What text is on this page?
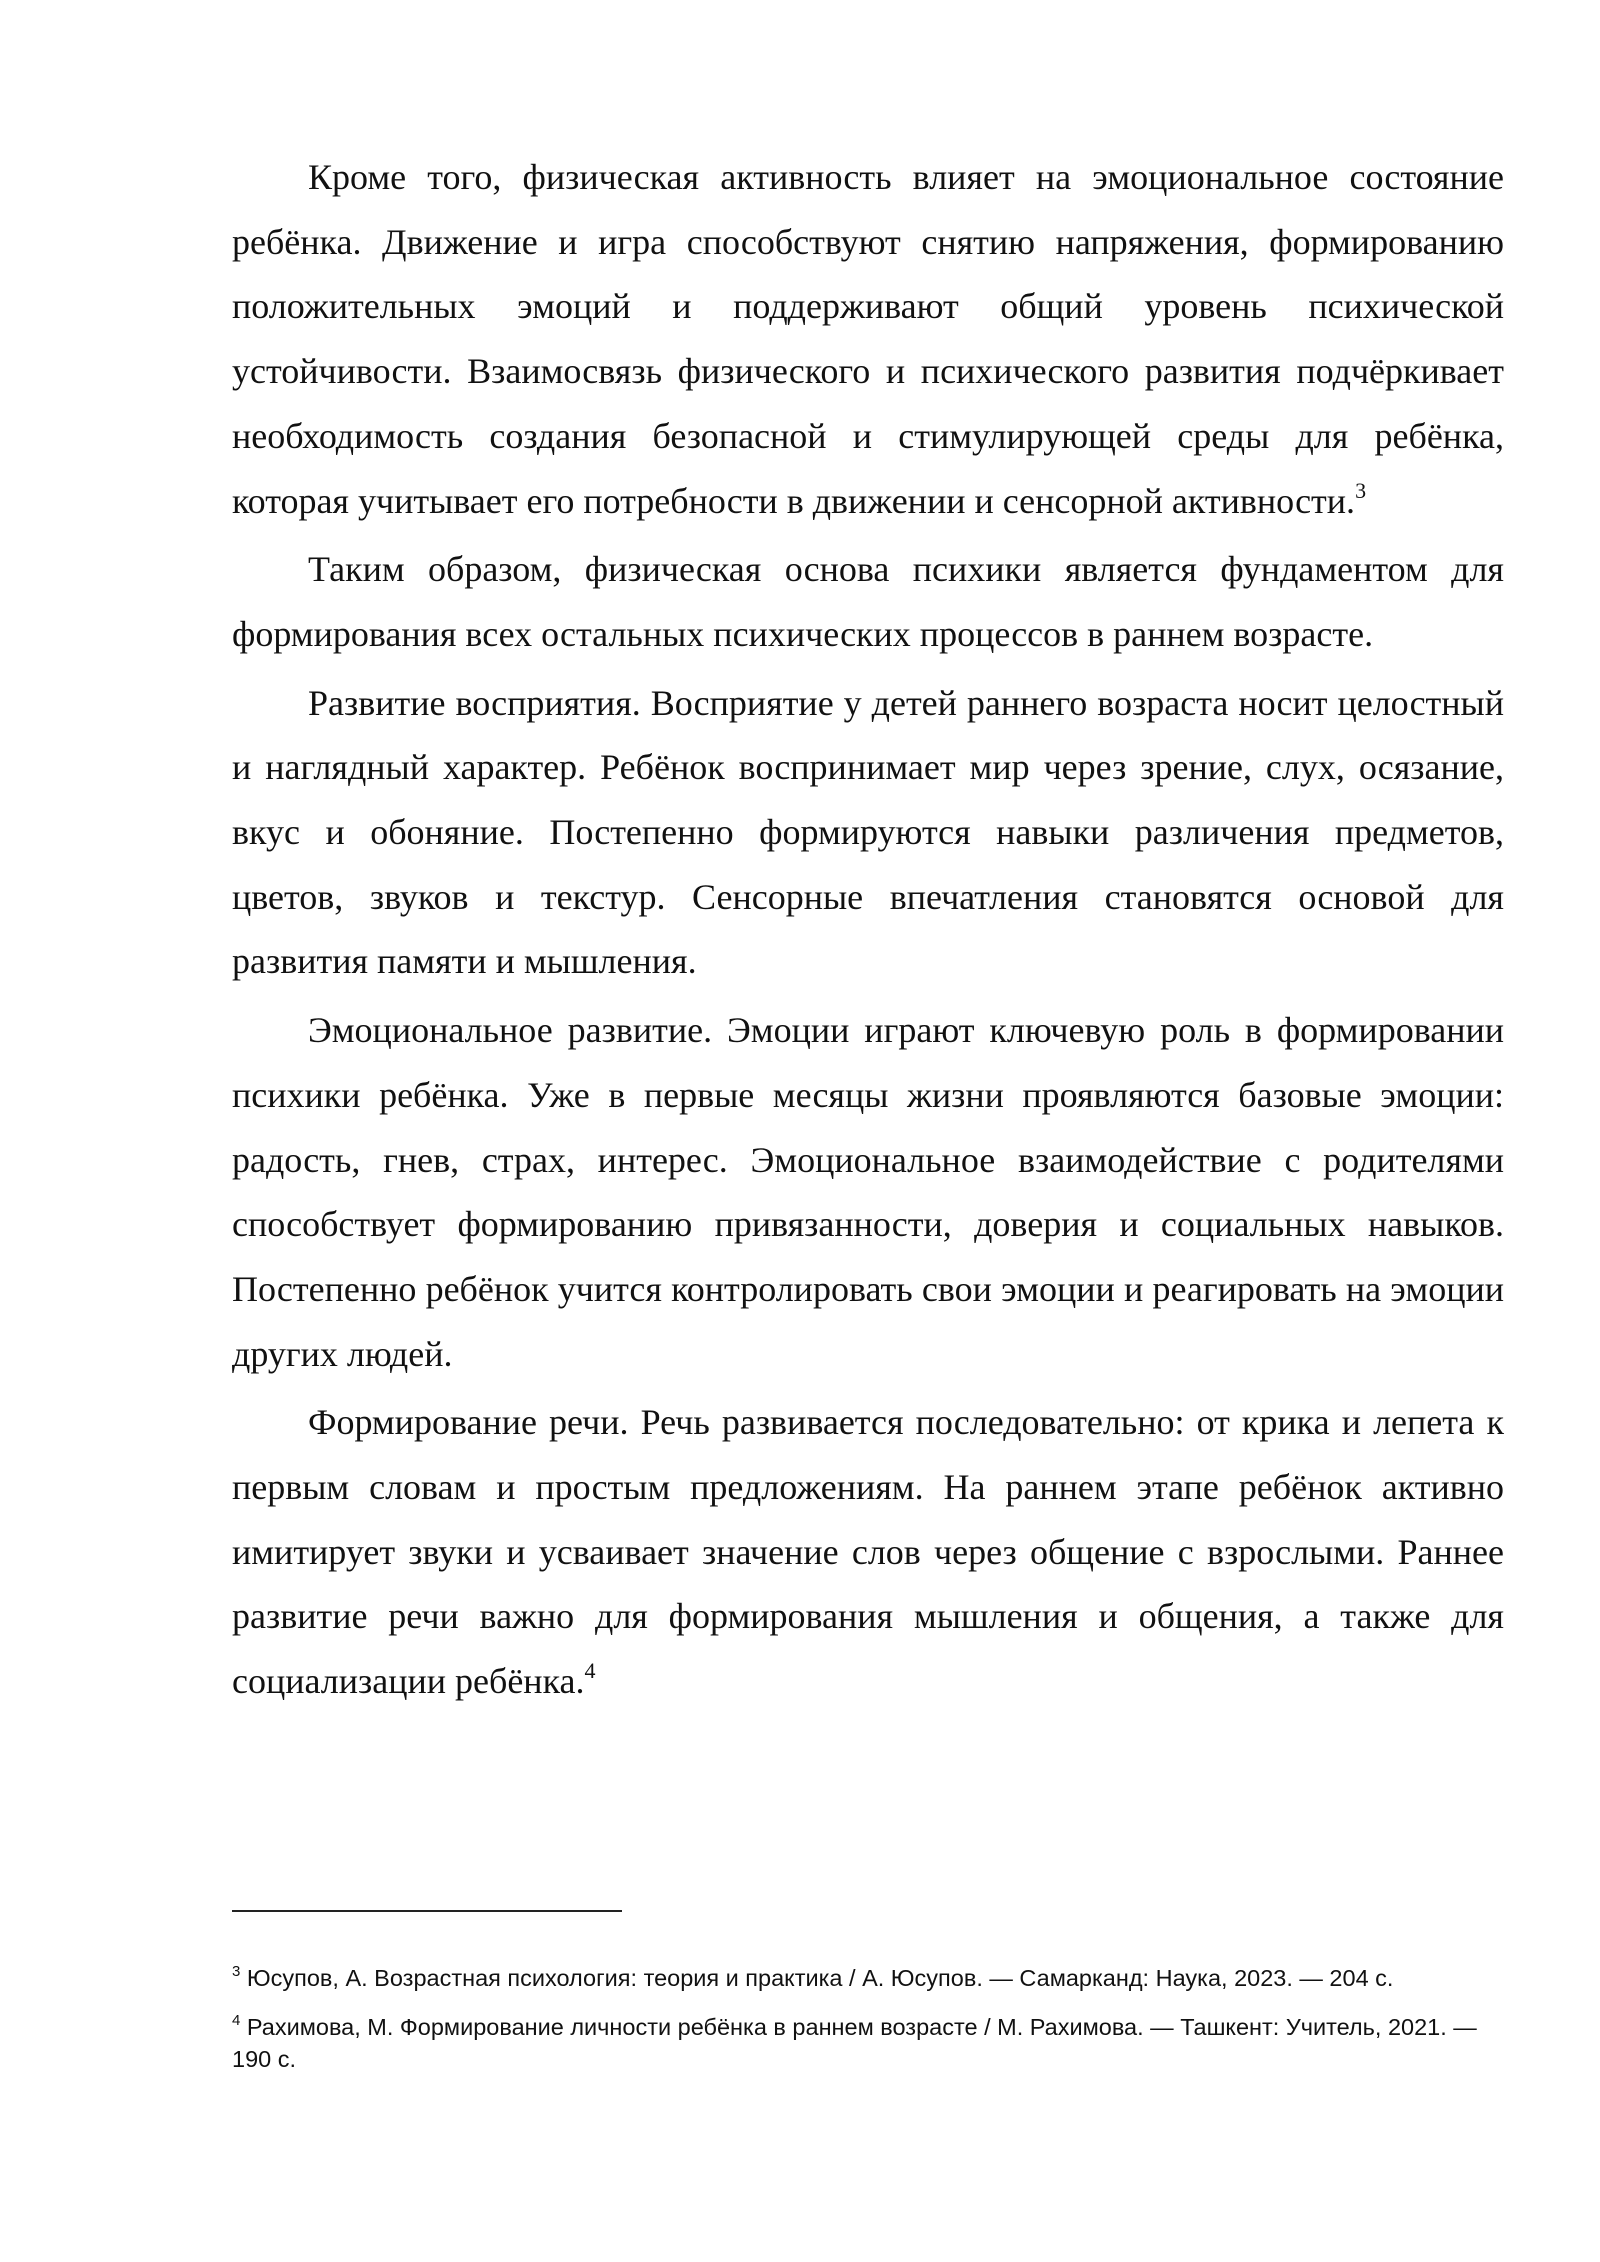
Кроме того, физическая активность влияет на эмоциональное состояние ребёнка. Движение и игра способствуют снятию напряжения, формированию положительных эмоций и поддерживают общий уровень психической устойчивости. Взаимосвязь физического и психического развития подчёркивает необходимость создания безопасной и стимулирующей среды для ребёнка, которая учитывает его потребности в движении и сенсорной активности.$^3$

Таким образом, физическая основа психики является фундаментом для формирования всех остальных психических процессов в раннем возрасте.

Развитие восприятия. Восприятие у детей раннего возраста носит целостный и наглядный характер. Ребёнок воспринимает мир через зрение, слух, осязание, вкус и обоняние. Постепенно формируются навыки различения предметов, цветов, звуков и текстур. Сенсорные впечатления становятся основой для развития памяти и мышления.

Эмоциональное развитие. Эмоции играют ключевую роль в формировании психики ребёнка. Уже в первые месяцы жизни проявляются базовые эмоции: радость, гнев, страх, интерес. Эмоциональное взаимодействие с родителями способствует формированию привязанности, доверия и социальных навыков. Постепенно ребёнок учится контролировать свои эмоции и реагировать на эмоции других людей.

Формирование речи. Речь развивается последовательно: от крика и лепета к первым словам и простым предложениям. На раннем этапе ребёнок активно имитирует звуки и усваивает значение слов через общение с взрослыми. Раннее развитие речи важно для формирования мышления и общения, а также для социализации ребёнка.$^4$

$^3$ Юсупов, А. Возрастная психология: теория и практика / А. Юсупов. — Самарканд: Наука, 2023. — 204 с.

$^4$ Рахимова, М. Формирование личности ребёнка в раннем возрасте / М. Рахимова. — Ташкент: Учитель, 2021. — 190 с.
